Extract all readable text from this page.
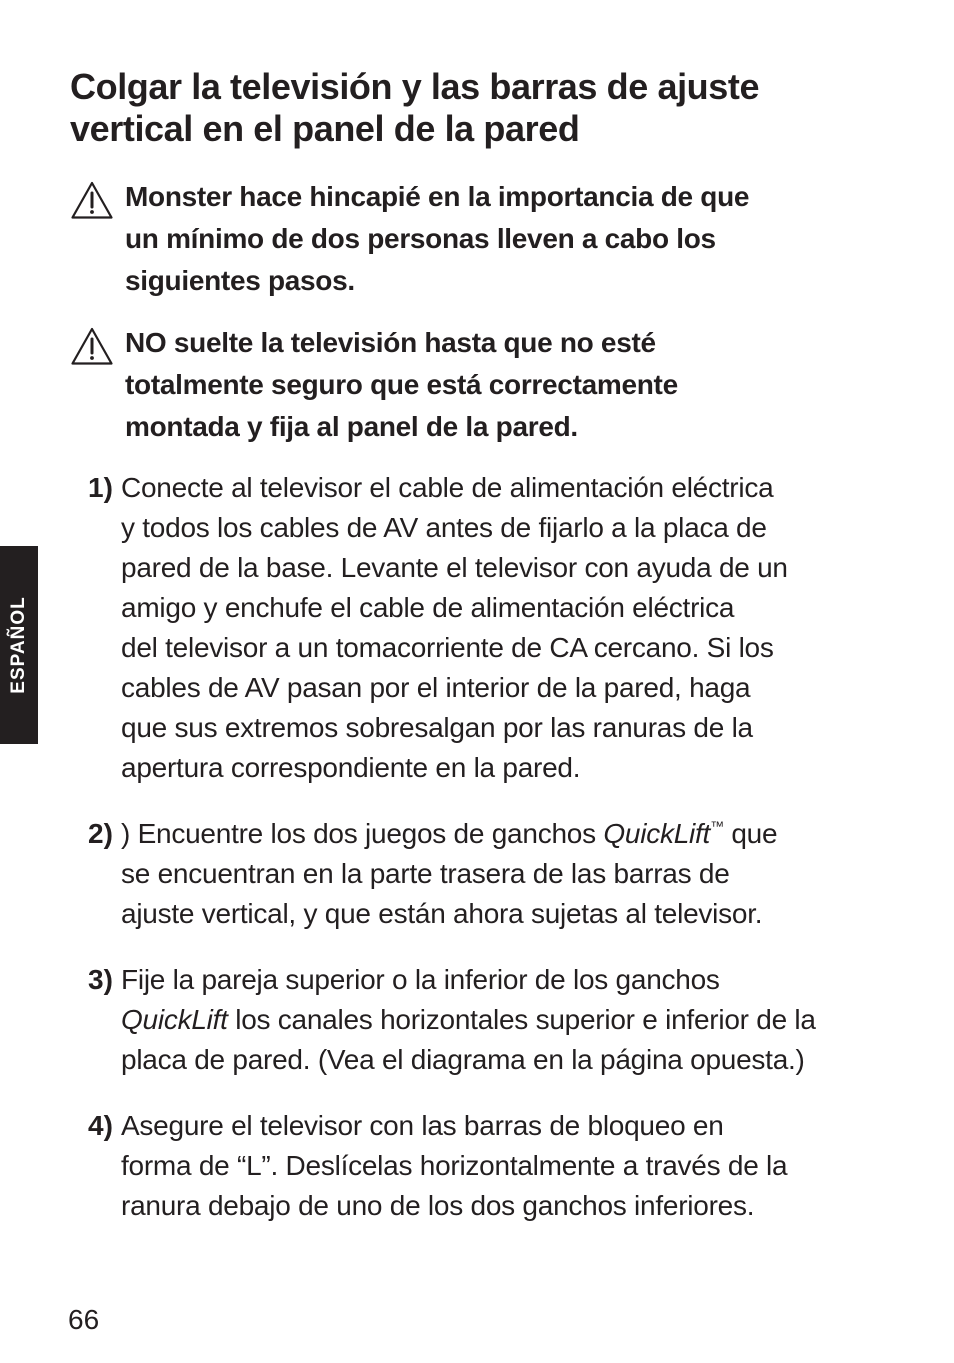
Colgar la televisión y las barras de ajuste
vertical en el panel de la pared
Monster hace hincapié en la importancia de que
un mínimo de dos personas lleven a cabo los
siguientes pasos.
NO suelte la televisión hasta que no esté
totalmente seguro que está correctamente
montada y fija al panel de la pared.
1) Conecte al televisor el cable de alimentación eléctrica
y todos los cables de AV antes de fijarlo a la placa de
pared de la base. Levante el televisor con ayuda de un
amigo y enchufe el cable de alimentación eléctrica
del televisor a un tomacorriente de CA cercano. Si los
cables de AV pasan por el interior de la pared, haga
que sus extremos sobresalgan por las ranuras de la
apertura correspondiente en la pared.
2) ) Encuentre los dos juegos de ganchos QuickLift™ que
se encuentran en la parte trasera de las barras de
ajuste vertical, y que están ahora sujetas al televisor.
3) Fije la pareja superior o la inferior de los ganchos
QuickLift los canales horizontales superior e inferior de la
placa de pared. (Vea el diagrama en la página opuesta.)
4) Asegure el televisor con las barras de bloqueo en
forma de “L”. Deslícelas horizontalmente a través de la
ranura debajo de uno de los dos ganchos inferiores.
ESPAÑOL
66
